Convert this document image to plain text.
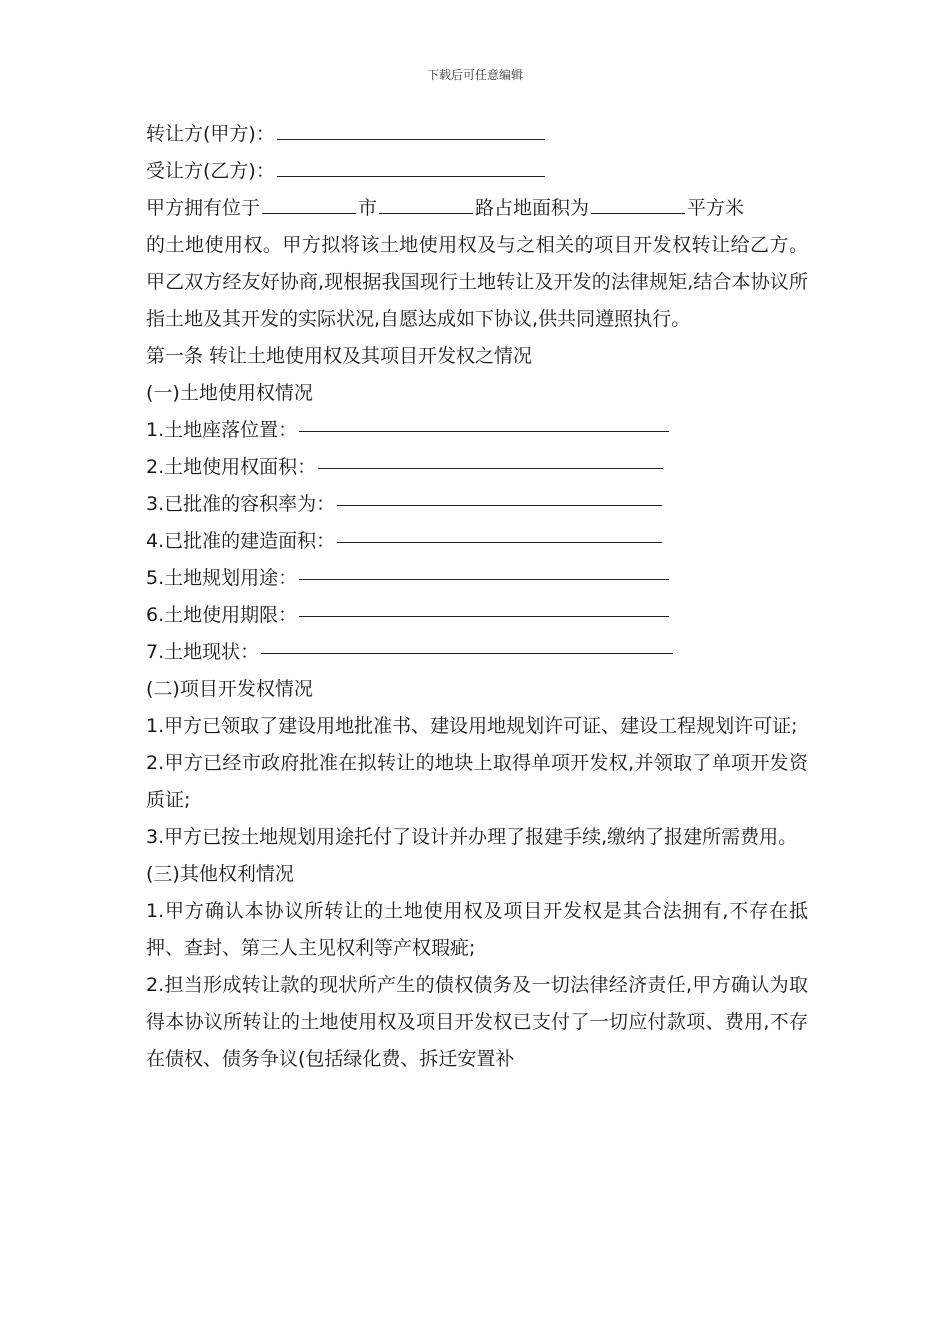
下载后可任意编辑
转让方(甲方)：
受让方(乙方)：
甲方拥有位于	市	路占地面积为	平方米
的土地使用权。甲方拟将该土地使用权及与之相关的项目开发权转让给乙方。甲乙双方经友好协商,现根据我国现行土地转让及开发的法律规矩,结合本协议所指土地及其开发的实际状况,自愿达成如下协议,供共同遵照执行。
第一条 转让土地使用权及其项目开发权之情况
(一)土地使用权情况
1.土地座落位置：
2.土地使用权面积：
3.已批准的容积率为：
4.已批准的建造面积：
5.土地规划用途：
6.土地使用期限：
7.土地现状：
(二)项目开发权情况
1.甲方已领取了建设用地批准书、建设用地规划许可证、建设工程规划许可证;
2.甲方已经市政府批准在拟转让的地块上取得单项开发权,并领取了单项开发资质证;
3.甲方已按土地规划用途托付了设计并办理了报建手续,缴纳了报建所需费用。
(三)其他权利情况
1.甲方确认本协议所转让的土地使用权及项目开发权是其合法拥有,不存在抵押、查封、第三人主见权利等产权瑕疵;
2.担当形成转让款的现状所产生的债权债务及一切法律经济责任,甲方确认为取得本协议所转让的土地使用权及项目开发权已支付了一切应付款项、费用,不存在债权、债务争议(包括绿化费、拆迁安置补
